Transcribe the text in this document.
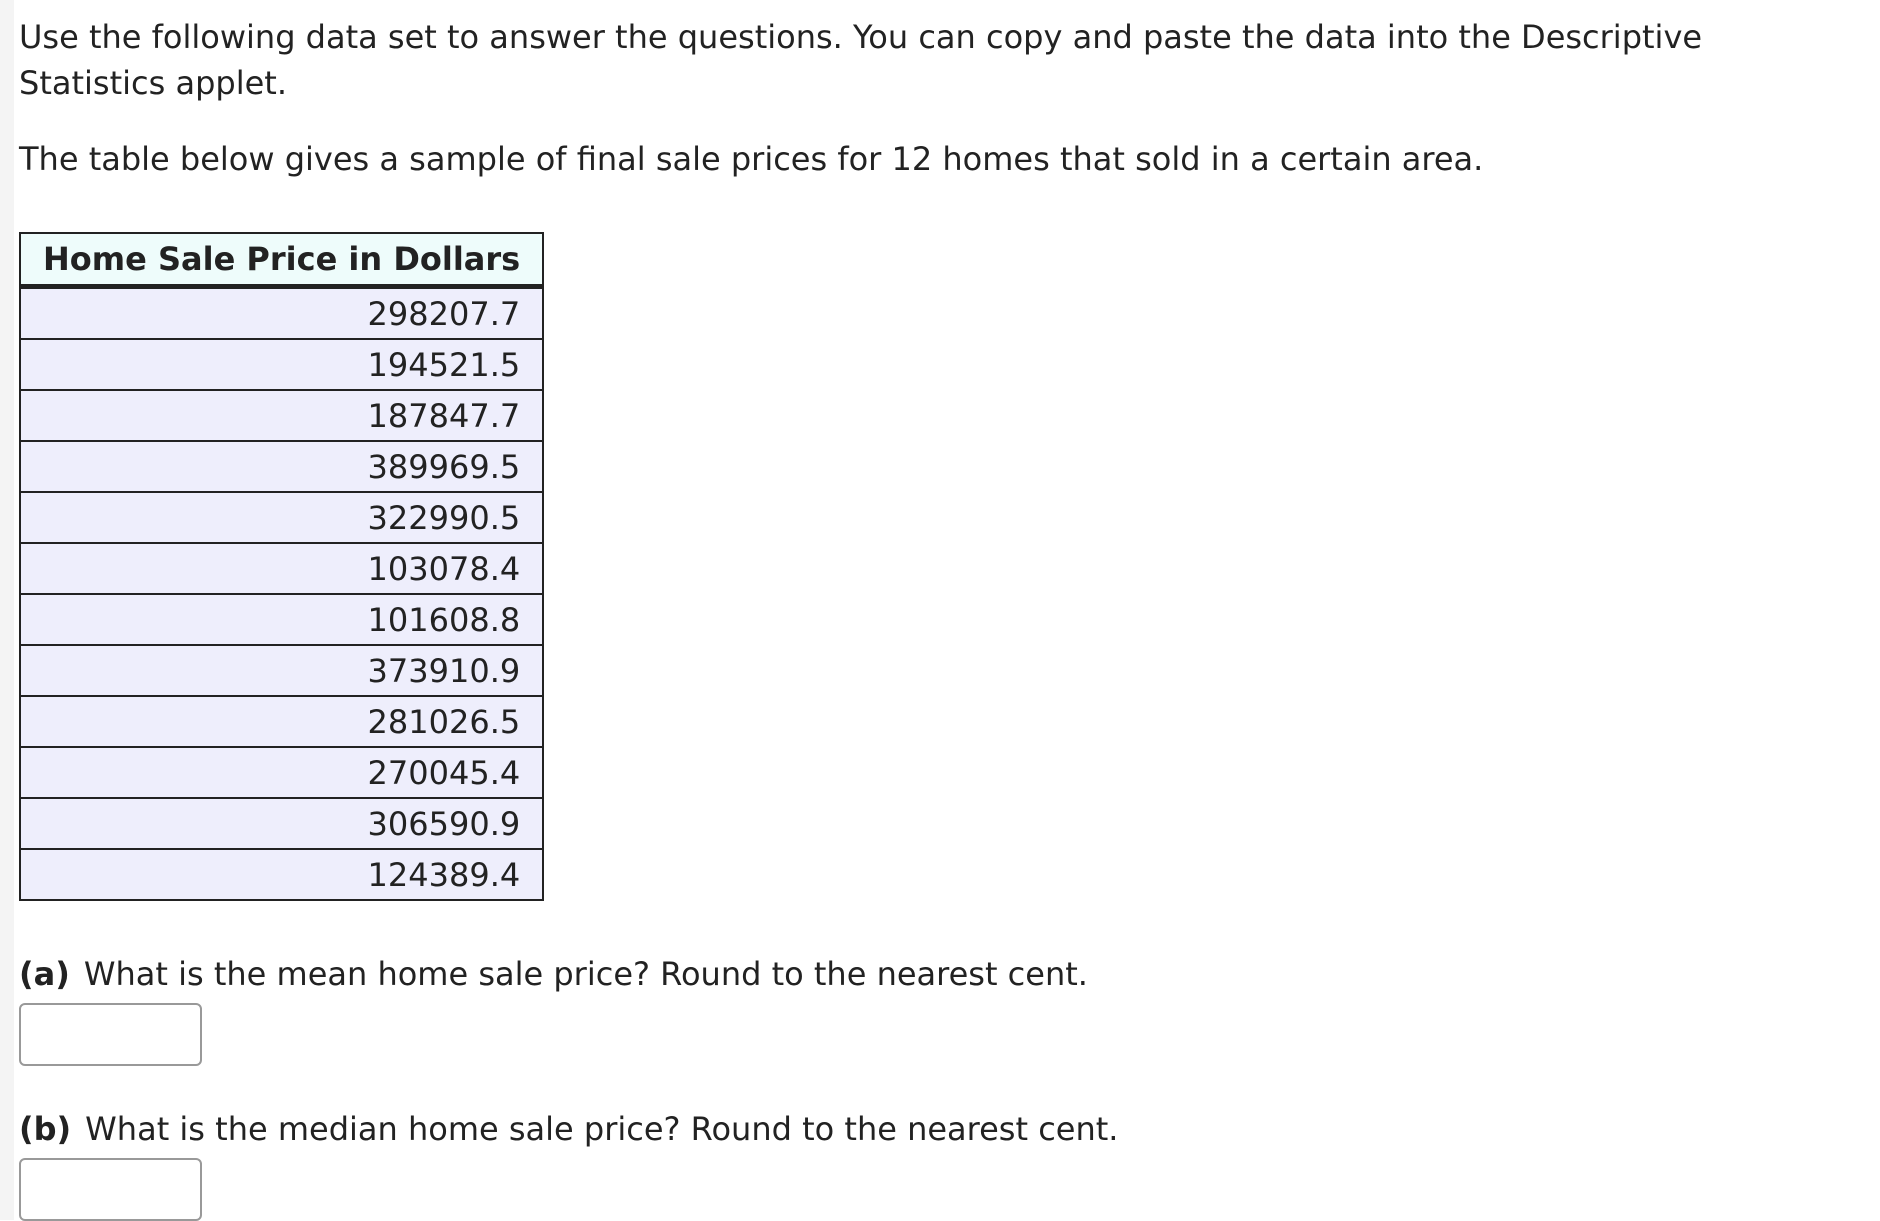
Use the following data set to answer the questions. You can copy and paste the data into the Descriptive Statistics applet.

The table below gives a sample of final sale prices for 12 homes that sold in a certain area.

Home Sale Price in Dollars
298207.7
194521.5
187847.7
389969.5
322990.5
103078.4
101608.8
373910.9
281026.5
270045.4
306590.9
124389.4
(a) What is the mean home sale price? Round to the nearest cent.
(b) What is the median home sale price? Round to the nearest cent.
